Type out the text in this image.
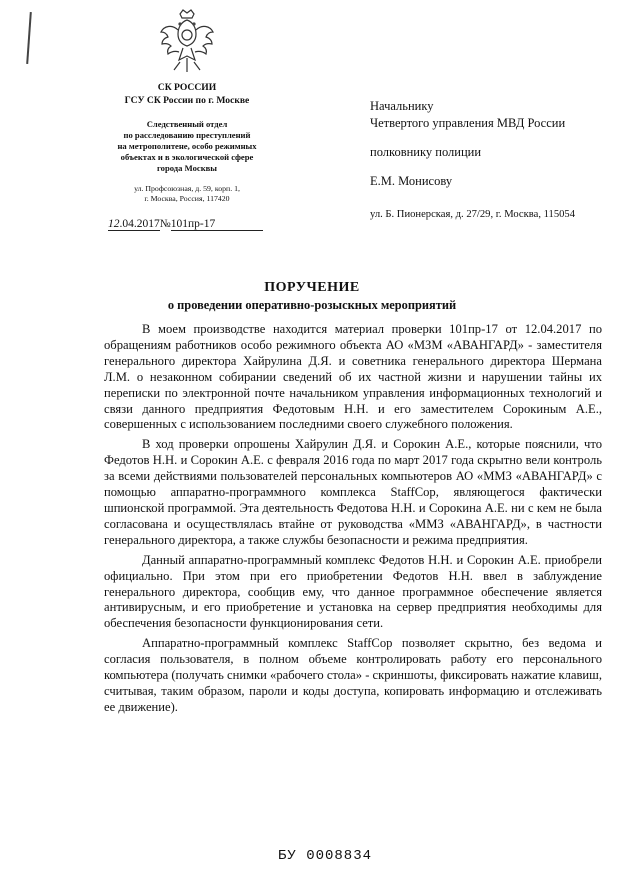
СК РОССИИ
ГСУ СК России по г. Москве
Следственный отдел
по расследованию преступлений
на метрополитене, особо режимных
объектах и в экологической сфере
города Москвы
ул. Профсоюзная, д. 59, корп. 1,
г. Москва, Россия, 117420
12.04.2017№101пр-17
Начальнику
Четвертого управления МВД России
полковнику полиции
Е.М. Монисову
ул. Б. Пионерская, д. 27/29, г. Москва, 115054
ПОРУЧЕНИЕ
о проведении оперативно-розыскных мероприятий

В моем производстве находится материал проверки 101пр-17 от 12.04.2017 по обращениям работников особо режимного объекта АО «МЗМ «АВАНГАРД» - заместителя генерального директора Хайрулина Д.Я. и советника генерального директора Шермана Л.М. о незаконном собирании сведений об их частной жизни и нарушении тайны их переписки по электронной почте начальником управления информационных технологий и связи данного предприятия Федотовым Н.Н. и его заместителем Сорокиным А.Е., совершенных с использованием последними своего служебного положения.

В ход проверки опрошены Хайрулин Д.Я. и Сорокин А.Е., которые пояснили, что Федотов Н.Н. и Сорокин А.Е. с февраля 2016 года по март 2017 года скрытно вели контроль за всеми действиями пользователей персональных компьютеров АО «ММЗ «АВАНГАРД» с помощью аппаратно-программного комплекса StaffCop, являющегося фактически шпионской программой. Эта деятельность Федотова Н.Н. и Сорокина А.Е. ни с кем не была согласована и осуществлялась втайне от руководства «ММЗ «АВАНГАРД», в частности генерального директора, а также службы безопасности и режима предприятия.

Данный аппаратно-программный комплекс Федотов Н.Н. и Сорокин А.Е. приобрели официально. При этом при его приобретении Федотов Н.Н. ввел в заблуждение генерального директора, сообщив ему, что данное программное обеспечение является антивирусным, и его приобретение и установка на сервер предприятия необходимы для обеспечения безопасности функционирования сети.

Аппаратно-программный комплекс StaffCop позволяет скрытно, без ведома и согласия пользователя, в полном объеме контролировать работу его персонального компьютера (получать снимки «рабочего стола» - скриншоты, фиксировать нажатие клавиш, считывая, таким образом, пароли и коды доступа, копировать информацию и отслеживать ее движение).

БУ 0008834
